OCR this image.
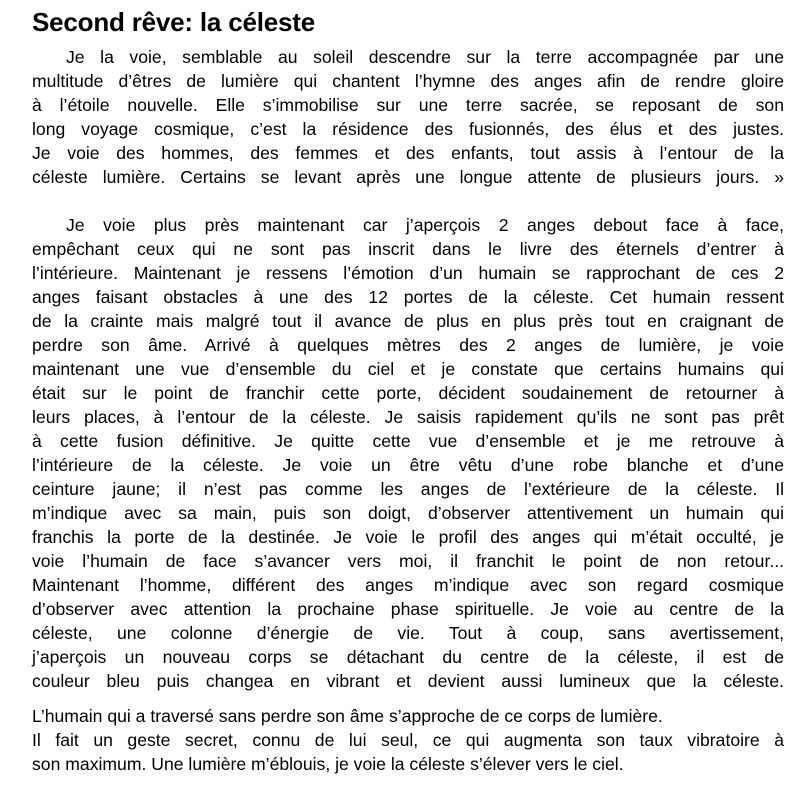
Second rêve: la céleste
Je la voie, semblable au soleil descendre sur la terre accompagnée par une
multitude d’êtres de lumière qui chantent l’hymne des anges afin de rendre gloire
à l’étoile nouvelle. Elle s’immobilise sur une terre sacrée, se reposant de son
long voyage cosmique, c’est la résidence des fusionnés, des élus et des justes.
Je voie des hommes, des femmes et des enfants, tout assis à l’entour de la
céleste lumière. Certains se levant après une longue attente de plusieurs jours. »
Je voie plus près maintenant car j’aperçois 2 anges debout face à face,
empêchant ceux qui ne sont pas inscrit dans le livre des éternels d’entrer à
l’intérieure. Maintenant je ressens l’émotion d’un humain se rapprochant de ces 2
anges faisant obstacles à une des 12 portes de la céleste. Cet humain ressent
de la crainte mais malgré tout il avance de plus en plus près tout en craignant de
perdre son âme. Arrivé à quelques mètres des 2 anges de lumière, je voie
maintenant une vue d’ensemble du ciel et je constate que certains humains qui
était sur le point de franchir cette porte, décident soudainement de retourner à
leurs places, à l’entour de la céleste. Je saisis rapidement qu’ils ne sont pas prêt
à cette fusion définitive. Je quitte cette vue d’ensemble et je me retrouve à
l’intérieure de la céleste. Je voie un être vêtu d’une robe blanche et d’une
ceinture jaune; il n’est pas comme les anges de l’extérieure de la céleste. Il
m’indique avec sa main, puis son doigt, d’observer attentivement un humain qui
franchis la porte de la destinée. Je voie le profil des anges qui m’était occulté, je
voie l’humain de face s’avancer vers moi, il franchit le point de non retour...
Maintenant l’homme, différent des anges m’indique avec son regard cosmique
d’observer avec attention la prochaine phase spirituelle. Je voie au centre de la
céleste, une colonne d’énergie de vie. Tout à coup, sans avertissement,
j’aperçois un nouveau corps se détachant du centre de la céleste, il est de
couleur bleu puis changea en vibrant et devient aussi lumineux que la céleste.
L’humain qui a traversé sans perdre son âme s’approche de ce corps de lumière.
Il fait un geste secret, connu de lui seul, ce qui augmenta son taux vibratoire à
son maximum. Une lumière m’éblouis, je voie la céleste s’élever vers le ciel.
